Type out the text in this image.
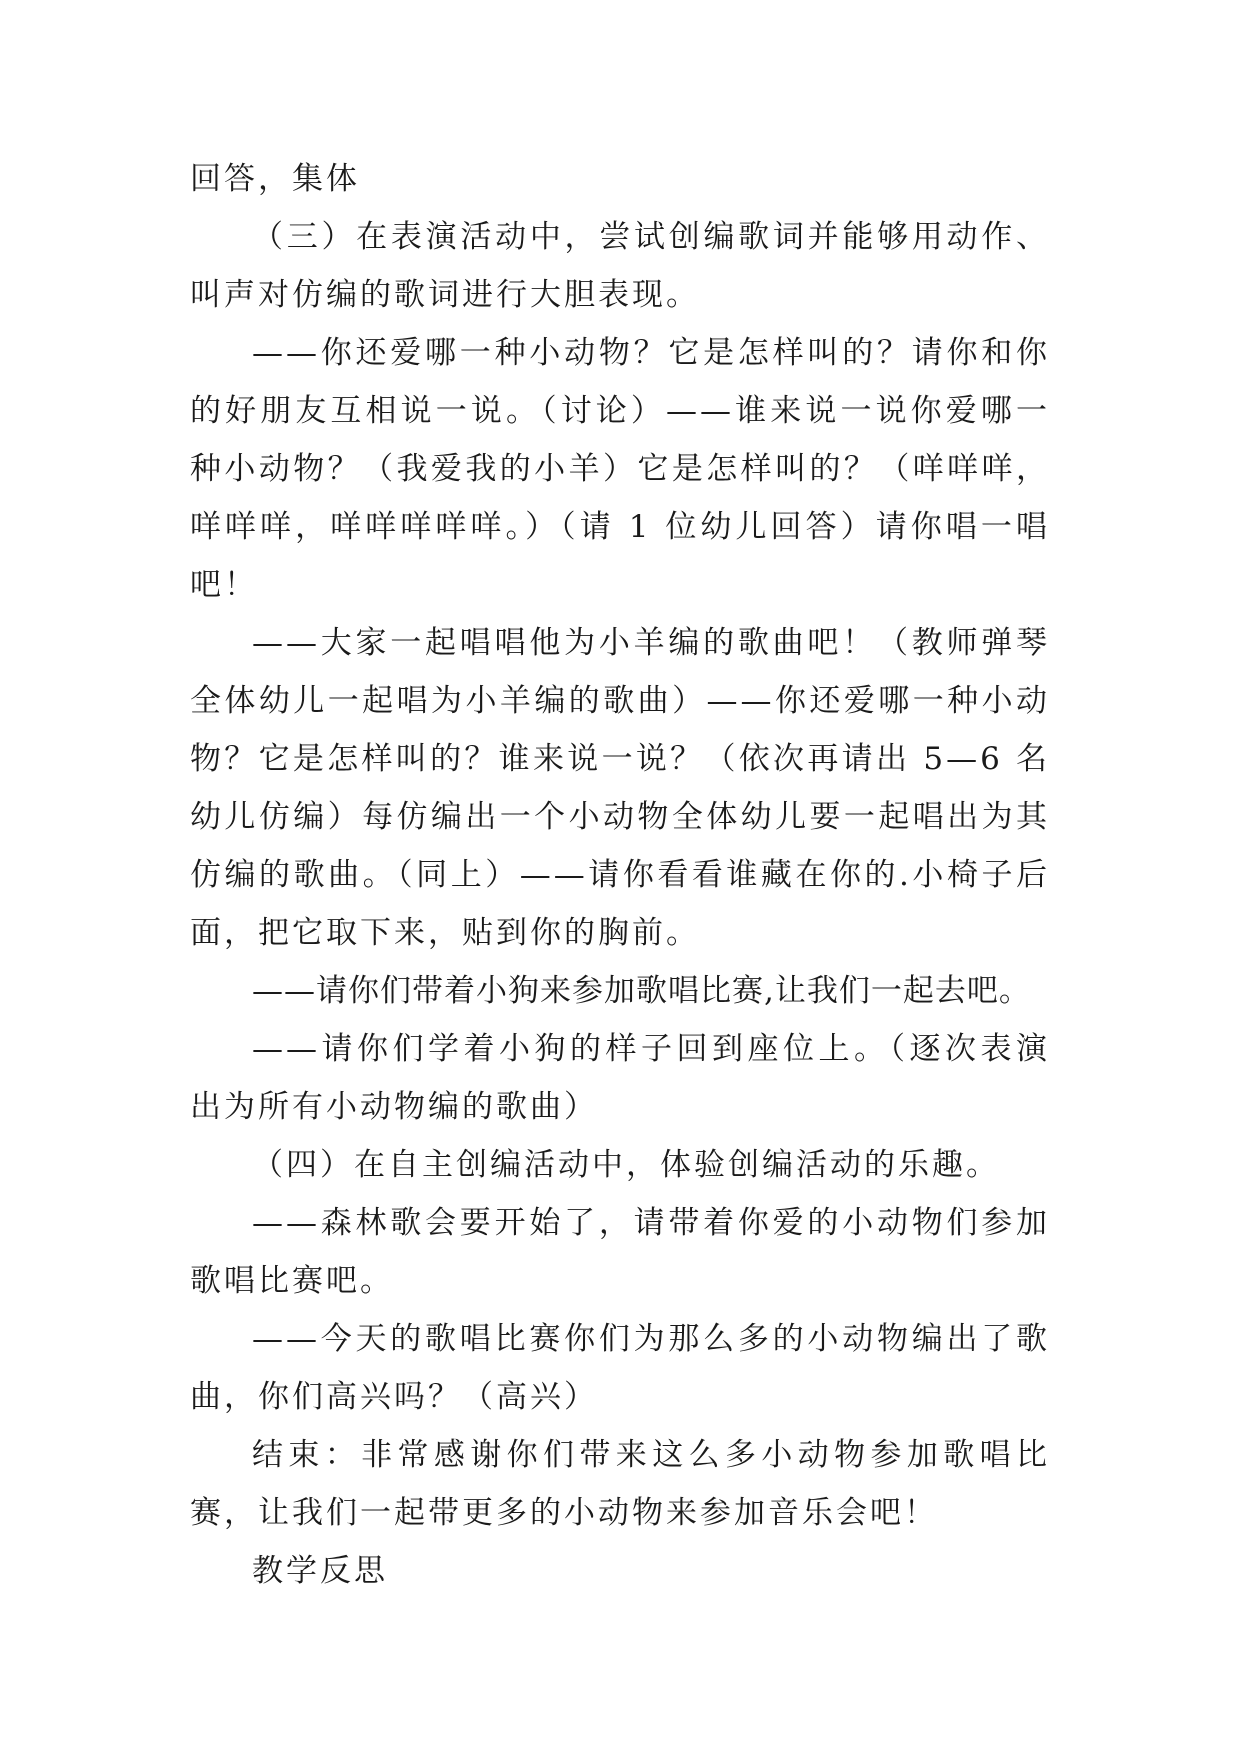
回答，集体

（三）在表演活动中，尝试创编歌词并能够用动作、叫声对仿编的歌词进行大胆表现。

——你还爱哪一种小动物？它是怎样叫的？请你和你的好朋友互相说一说。（讨论）——谁来说一说你爱哪一种小动物？（我爱我的小羊）它是怎样叫的？（咩咩咩，咩咩咩，咩咩咩咩咩。）（请 1 位幼儿回答）请你唱一唱吧！

——大家一起唱唱他为小羊编的歌曲吧！（教师弹琴全体幼儿一起唱为小羊编的歌曲）——你还爱哪一种小动物？它是怎样叫的？谁来说一说？（依次再请出 5—6 名幼儿仿编）每仿编出一个小动物全体幼儿要一起唱出为其仿编的歌曲。（同上）——请你看看谁藏在你的.小椅子后面，把它取下来，贴到你的胸前。

——请你们带着小狗来参加歌唱比赛,让我们一起去吧。

——请你们学着小狗的样子回到座位上。（逐次表演出为所有小动物编的歌曲）

（四）在自主创编活动中，体验创编活动的乐趣。

——森林歌会要开始了，请带着你爱的小动物们参加歌唱比赛吧。

——今天的歌唱比赛你们为那么多的小动物编出了歌曲，你们高兴吗？（高兴）

结束：非常感谢你们带来这么多小动物参加歌唱比赛，让我们一起带更多的小动物来参加音乐会吧！

教学反思
